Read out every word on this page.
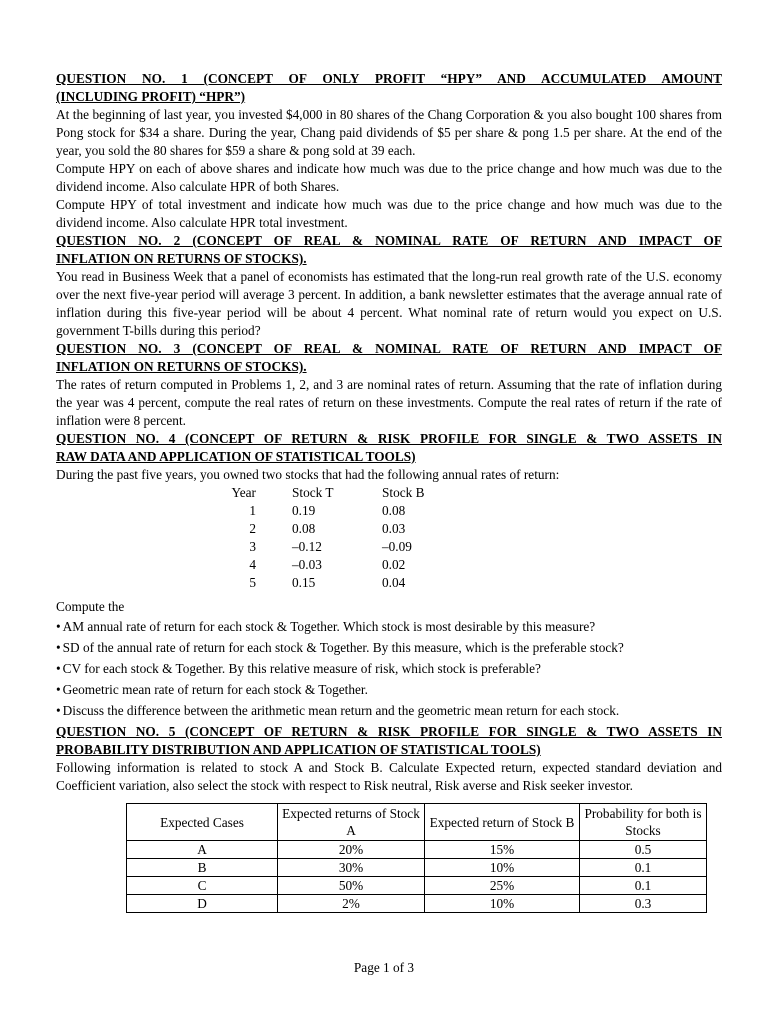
QUESTION NO. 1 (CONCEPT OF ONLY PROFIT “HPY” AND ACCUMULATED AMOUNT

(INCLUDING PROFIT) “HPR”)

At the beginning of last year, you invested $4,000 in 80 shares of the Chang Corporation & you also bought 100 shares from Pong stock for $34 a share. During the year, Chang paid dividends of $5 per share & pong 1.5 per share. At the end of the year, you sold the 80 shares for $59 a share & pong sold at 39 each.

Compute HPY on each of above shares and indicate how much was due to the price change and how much was due to the dividend income. Also calculate HPR of both Shares.

Compute HPY of total investment and indicate how much was due to the price change and how much was due to the dividend income. Also calculate HPR total investment.

QUESTION NO. 2 (CONCEPT OF REAL & NOMINAL RATE OF RETURN AND IMPACT OF

INFLATION ON RETURNS OF STOCKS).

You read in Business Week that a panel of economists has estimated that the long-run real growth rate of the U.S. economy over the next five-year period will average 3 percent. In addition, a bank newsletter estimates that the average annual rate of inflation during this five-year period will be about 4 percent. What nominal rate of return would you expect on U.S. government T-bills during this period?

QUESTION NO. 3 (CONCEPT OF REAL & NOMINAL RATE OF RETURN AND IMPACT OF

INFLATION ON RETURNS OF STOCKS).

The rates of return computed in Problems 1, 2, and 3 are nominal rates of return. Assuming that the rate of inflation during the year was 4 percent, compute the real rates of return on these investments. Compute the real rates of return if the rate of inflation were 8 percent.

QUESTION NO. 4 (CONCEPT OF RETURN & RISK PROFILE FOR SINGLE & TWO ASSETS IN

RAW DATA AND APPLICATION OF STATISTICAL TOOLS)

During the past five years, you owned two stocks that had the following annual rates of return:

Year	Stock T	Stock B
1	0.19	0.08
2	0.08	0.03
3	–0.12	–0.09
4	–0.03	0.02
5	0.15	0.04

Compute the

• AM annual rate of return for each stock & Together. Which stock is most desirable by this measure?
• SD of the annual rate of return for each stock & Together. By this measure, which is the preferable stock?
• CV for each stock & Together. By this relative measure of risk, which stock is preferable?
• Geometric mean rate of return for each stock & Together.
• Discuss the difference between the arithmetic mean return and the geometric mean return for each stock.

QUESTION NO. 5 (CONCEPT OF RETURN & RISK PROFILE FOR SINGLE & TWO ASSETS IN

PROBABILITY DISTRIBUTION AND APPLICATION OF STATISTICAL TOOLS)

Following information is related to stock A and Stock B. Calculate Expected return, expected standard deviation and Coefficient variation, also select the stock with respect to Risk neutral, Risk averse and Risk seeker investor.

Expected Cases	Expected returns of Stock A	Expected return of Stock B	Probability for both is Stocks
A	20%	15%	0.5
B	30%	10%	0.1
C	50%	25%	0.1
D	2%	10%	0.3
Page 1 of 3
